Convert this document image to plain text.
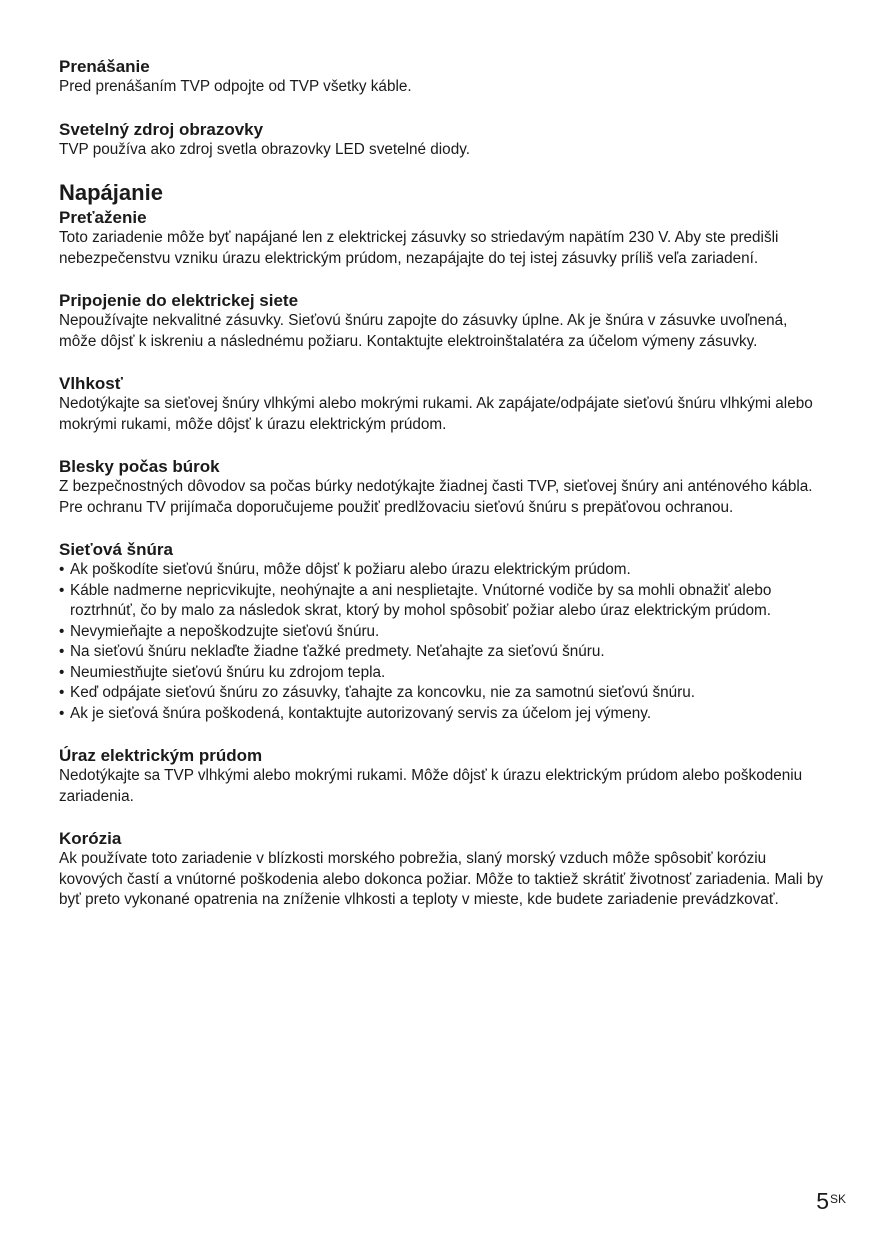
Prenášanie

Pred prenášaním TVP odpojte od TVP všetky káble.

Svetelný zdroj obrazovky

TVP používa ako zdroj svetla obrazovky LED svetelné diody.

Napájanie
Preťaženie

Toto zariadenie môže byť napájané len z elektrickej zásuvky so striedavým napätím 230 V. Aby ste predišli nebezpečenstvu vzniku úrazu elektrickým prúdom, nezapájajte do tej istej zásuvky príliš veľa zariadení.

Pripojenie do elektrickej siete

Nepoužívajte nekvalitné zásuvky. Sieťovú šnúru zapojte do zásuvky úplne. Ak je šnúra v zásuvke uvoľnená, môže dôjsť k iskreniu a následnému požiaru. Kontaktujte elektroinštalatéra za účelom výmeny zásuvky.

Vlhkosť

Nedotýkajte sa sieťovej šnúry vlhkými alebo mokrými rukami. Ak zapájate/odpájate sieťovú šnúru vlhkými alebo mokrými rukami, môže dôjsť k úrazu elektrickým prúdom.

Blesky počas búrok

Z bezpečnostných dôvodov sa počas búrky nedotýkajte žiadnej časti TVP, sieťovej šnúry ani anténového kábla. Pre ochranu TV prijímača doporučujeme použiť predlžovaciu sieťovú šnúru s prepäťovou ochranou.

Sieťová šnúra
• Ak poškodíte sieťovú šnúru, môže dôjsť k požiaru alebo úrazu elektrickým prúdom.
• Káble nadmerne nepricvikujte, neohýnajte a ani nesplietajte. Vnútorné vodiče by sa mohli obnažiť alebo roztrhnúť, čo by malo za následok skrat, ktorý by mohol spôsobiť požiar alebo úraz elektrickým prúdom.
• Nevymieňajte a nepoškodzujte sieťovú šnúru.
• Na sieťovú šnúru neklaďte žiadne ťažké predmety. Neťahajte za sieťovú šnúru.
• Neumiestňujte sieťovú šnúru ku zdrojom tepla.
• Keď odpájate sieťovú šnúru zo zásuvky, ťahajte za koncovku, nie za samotnú sieťovú šnúru.
• Ak je sieťová šnúra poškodená, kontaktujte autorizovaný servis za účelom jej výmeny.
Úraz elektrickým prúdom

Nedotýkajte sa TVP vlhkými alebo mokrými rukami. Môže dôjsť k úrazu elektrickým prúdom alebo poškodeniu zariadenia.

Korózia

Ak používate toto zariadenie v blízkosti morského pobrežia, slaný morský vzduch môže spôsobiť koróziu kovových častí a vnútorné poškodenia alebo dokonca požiar. Môže to taktiež skrátiť životnosť zariadenia. Mali by byť preto vykonané opatrenia na zníženie vlhkosti a teploty v mieste, kde budete zariadenie prevádzkovať.

$5^{SK}$
